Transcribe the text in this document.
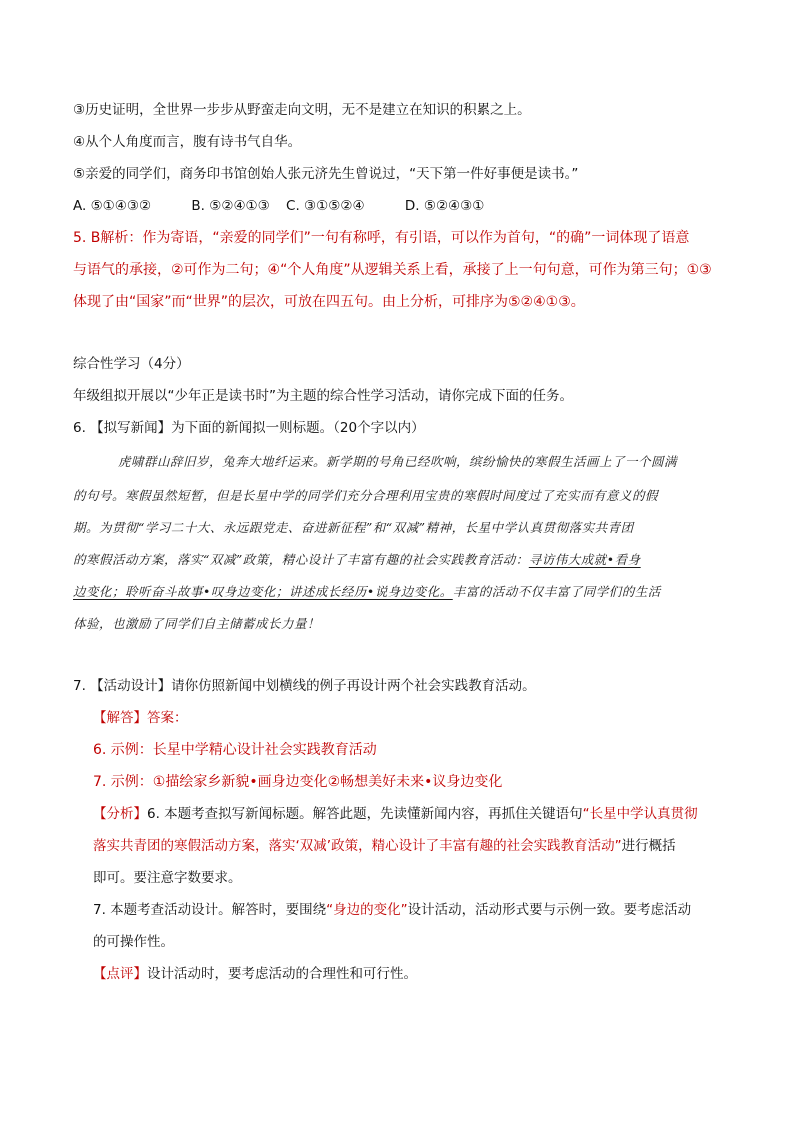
③历史证明，全世界一步步从野蛮走向文明，无不是建立在知识的积累之上。
④从个人角度而言，腹有诗书气自华。
⑤亲爱的同学们，商务印书馆创始人张元济先生曾说过，“天下第一件好事便是读书。”
A. ⑤①④③②	B. ⑤②④①③ C. ③①⑤②④	D. ⑤②④③①
5. B解析：作为寄语，“亲爱的同学们”一句有称呼，有引语，可以作为首句，“的确”一词体现了语意
与语气的承接，②可作为二句；④“个人角度”从逻辑关系上看，承接了上一句句意，可作为第三句；①③
体现了由“国家”而“世界”的层次，可放在四五句。由上分析，可排序为⑤②④①③。
综合性学习（4分）
年级组拟开展以“少年正是读书时”为主题的综合性学习活动，请你完成下面的任务。
6. 【拟写新闻】为下面的新闻拟一则标题。（20个字以内）
虎啸群山辞旧岁，兔奔大地纤运来。新学期的号角已经吹响，缤纷愉快的寒假生活画上了一个圆满
的句号。寒假虽然短暂，但是长星中学的同学们充分合理利用宝贵的寒假时间度过了充实而有意义的假
期。为贯彻“学习二十大、永远跟党走、奋进新征程”和“双减”精神，长星中学认真贯彻落实共青团
的寒假活动方案，落实“双减”政策，精心设计了丰富有趣的社会实践教育活动：寻访伟大成就•看身
边变化；聆听奋斗故事•叹身边变化；讲述成长经历•说身边变化。丰富的活动不仅丰富了同学们的生活
体验，也激励了同学们自主储蓄成长力量！
7. 【活动设计】请你仿照新闻中划横线的例子再设计两个社会实践教育活动。
【解答】答案：
6. 示例：长星中学精心设计社会实践教育活动
7. 示例：①描绘家乡新貌•画身边变化②畅想美好未来•议身边变化
【分析】6. 本题考查拟写新闻标题。解答此题，先读懂新闻内容，再抓住关键语句“长星中学认真贯彻
落实共青团的寒假活动方案，落实‘双减’政策，精心设计了丰富有趣的社会实践教育活动”进行概括
即可。要注意字数要求。
7. 本题考查活动设计。解答时，要围绕“身边的变化”设计活动，活动形式要与示例一致。要考虑活动
的可操作性。
【点评】设计活动时，要考虑活动的合理性和可行性。
